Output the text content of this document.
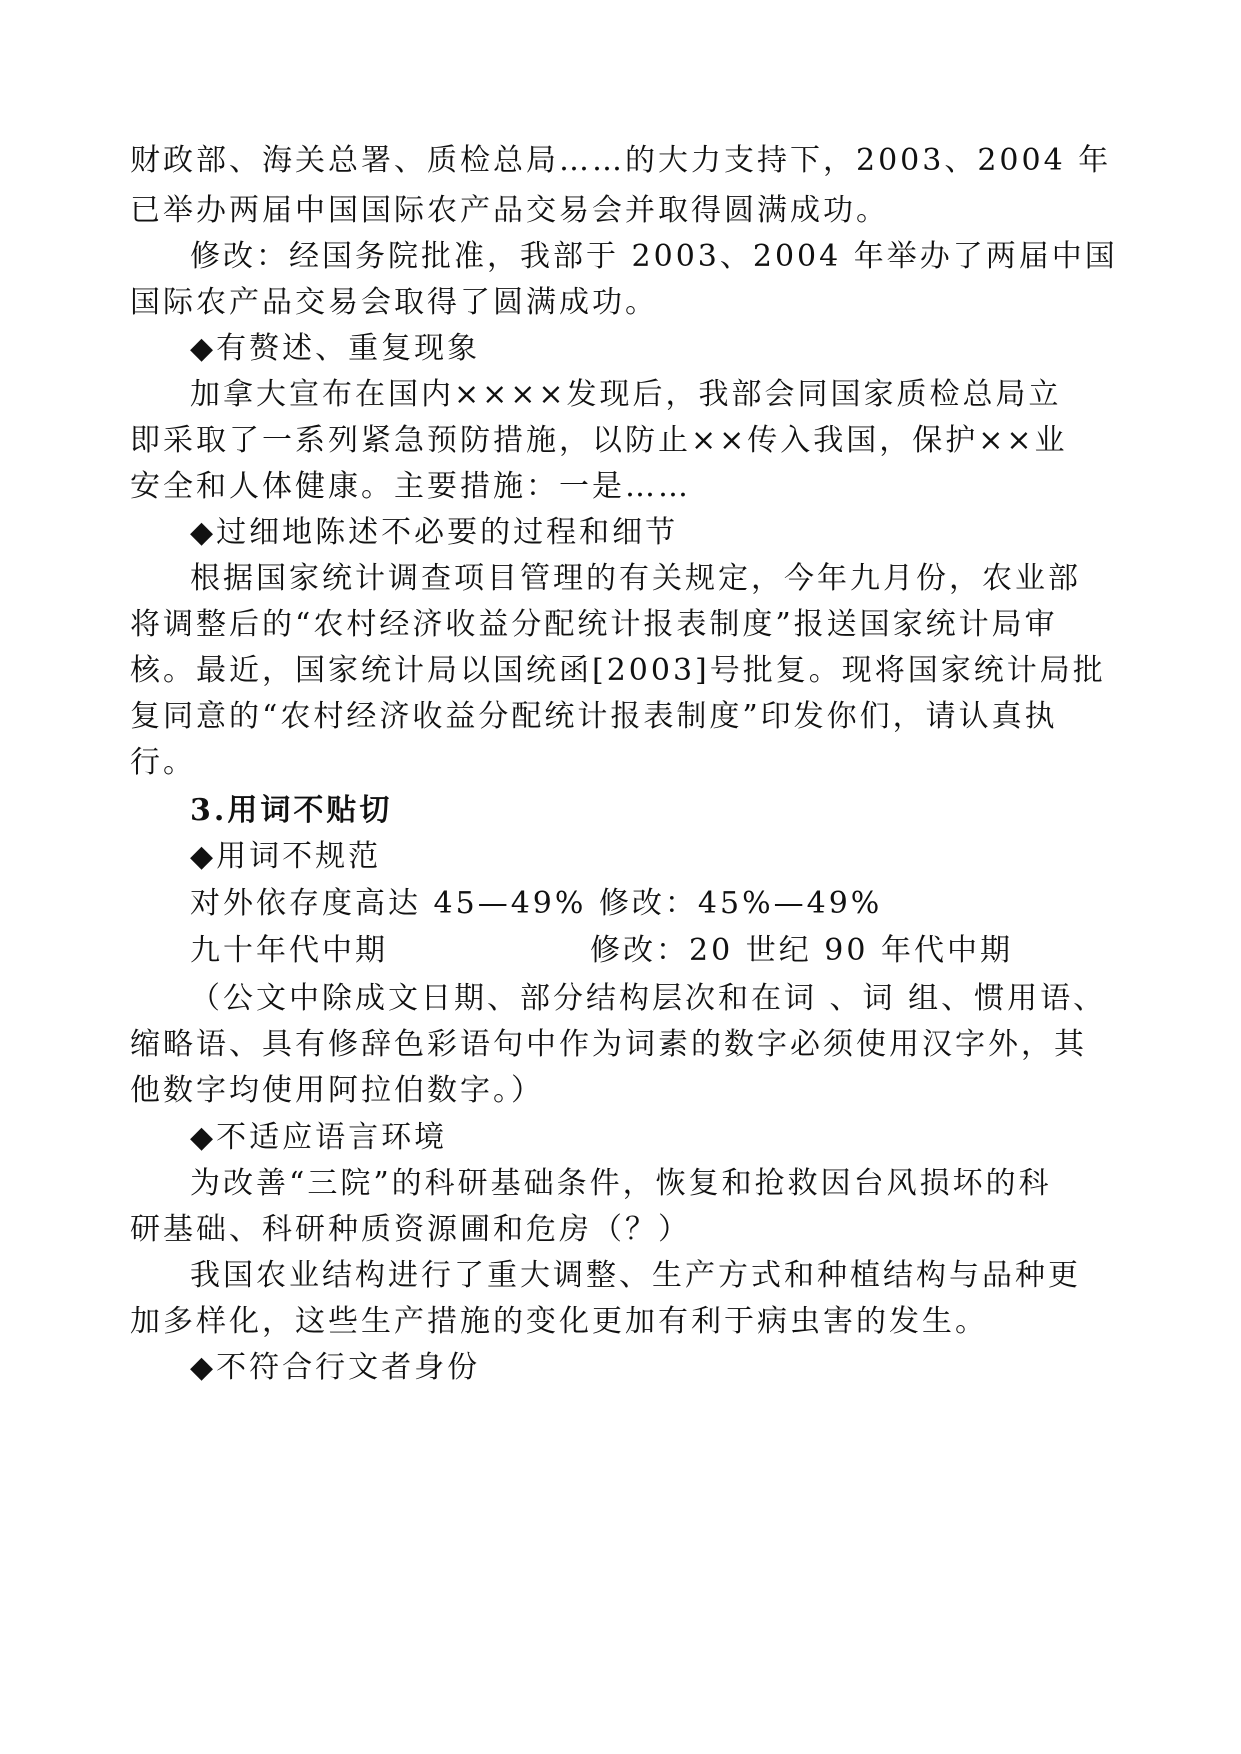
财政部、海关总署、质检总局……的大力支持下，2003、2004 年
已举办两届中国国际农产品交易会并取得圆满成功。
修改：经国务院批准，我部于 2003、2004 年举办了两届中国
国际农产品交易会取得了圆满成功。
◆有赘述、重复现象
加拿大宣布在国内××××发现后，我部会同国家质检总局立
即采取了一系列紧急预防措施，以防止××传入我国，保护××业
安全和人体健康。主要措施：一是……
◆过细地陈述不必要的过程和细节
根据国家统计调查项目管理的有关规定，今年九月份，农业部
将调整后的“农村经济收益分配统计报表制度”报送国家统计局审
核。最近，国家统计局以国统函[2003]号批复。现将国家统计局批
复同意的“农村经济收益分配统计报表制度”印发你们，请认真执
行。
3.用词不贴切
◆用词不规范
对外依存度高达 45—49% 修改：45%—49%
九十年代中期	修改：20 世纪 90 年代中期
（公文中除成文日期、部分结构层次和在词 、词 组、惯用语、
缩略语、具有修辞色彩语句中作为词素的数字必须使用汉字外，其
他数字均使用阿拉伯数字。）
◆不适应语言环境
为改善“三院”的科研基础条件，恢复和抢救因台风损坏的科
研基础、科研种质资源圃和危房（？）
我国农业结构进行了重大调整、生产方式和种植结构与品种更
加多样化，这些生产措施的变化更加有利于病虫害的发生。
◆不符合行文者身份
